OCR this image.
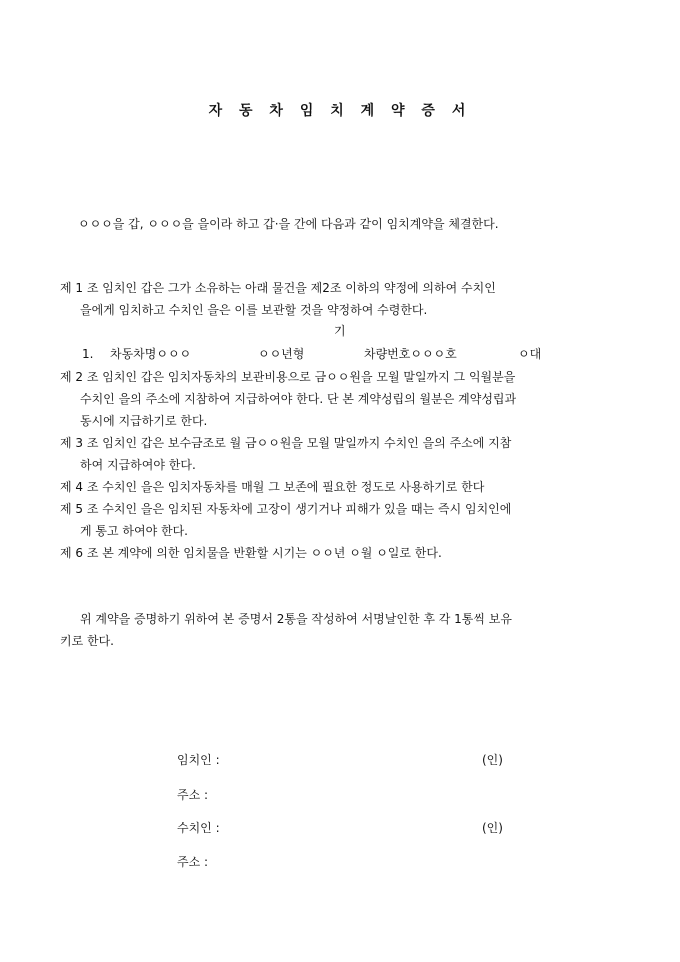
자 동 차 임 치 계 약 증 서
ㅇㅇㅇ을 갑, ㅇㅇㅇ을 을이라 하고 갑·을 간에 다음과 같이 임치계약을 체결한다.
제 1 조 임치인 갑은 그가 소유하는 아래 물건을 제2조 이하의 약정에 의하여 수치인
을에게 임치하고 수치인 을은 이를 보관할 것을 약정하여 수령한다.
기
1. 차동차명ㅇㅇㅇ	ㅇㅇ년형	차량번호ㅇㅇㅇ호	ㅇ대
제 2 조 임치인 갑은 임치자동차의 보관비용으로 금ㅇㅇ원을 모월 말일까지 그 익월분을
수치인 을의 주소에 지참하여 지급하여야 한다. 단 본 계약성립의 월분은 계약성립과
동시에 지급하기로 한다.
제 3 조 임치인 갑은 보수금조로 월 금ㅇㅇ원을 모월 말일까지 수치인 을의 주소에 지참
하여 지급하여야 한다.
제 4 조 수치인 을은 임치자동차를 매월 그 보존에 필요한 정도로 사용하기로 한다
제 5 조 수치인 을은 임치된 자동차에 고장이 생기거나 피해가 있을 때는 즉시 임치인에
게 통고 하여야 한다.
제 6 조 본 계약에 의한 임치물을 반환할 시기는 ㅇㅇ년 ㅇ월 ㅇ일로 한다.
위 계약을 증명하기 위하여 본 증명서 2통을 작성하여 서명날인한 후 각 1통씩 보유
키로 한다.
임치인 :	(인)
주소 :
수치인 :	(인)
주소 :
